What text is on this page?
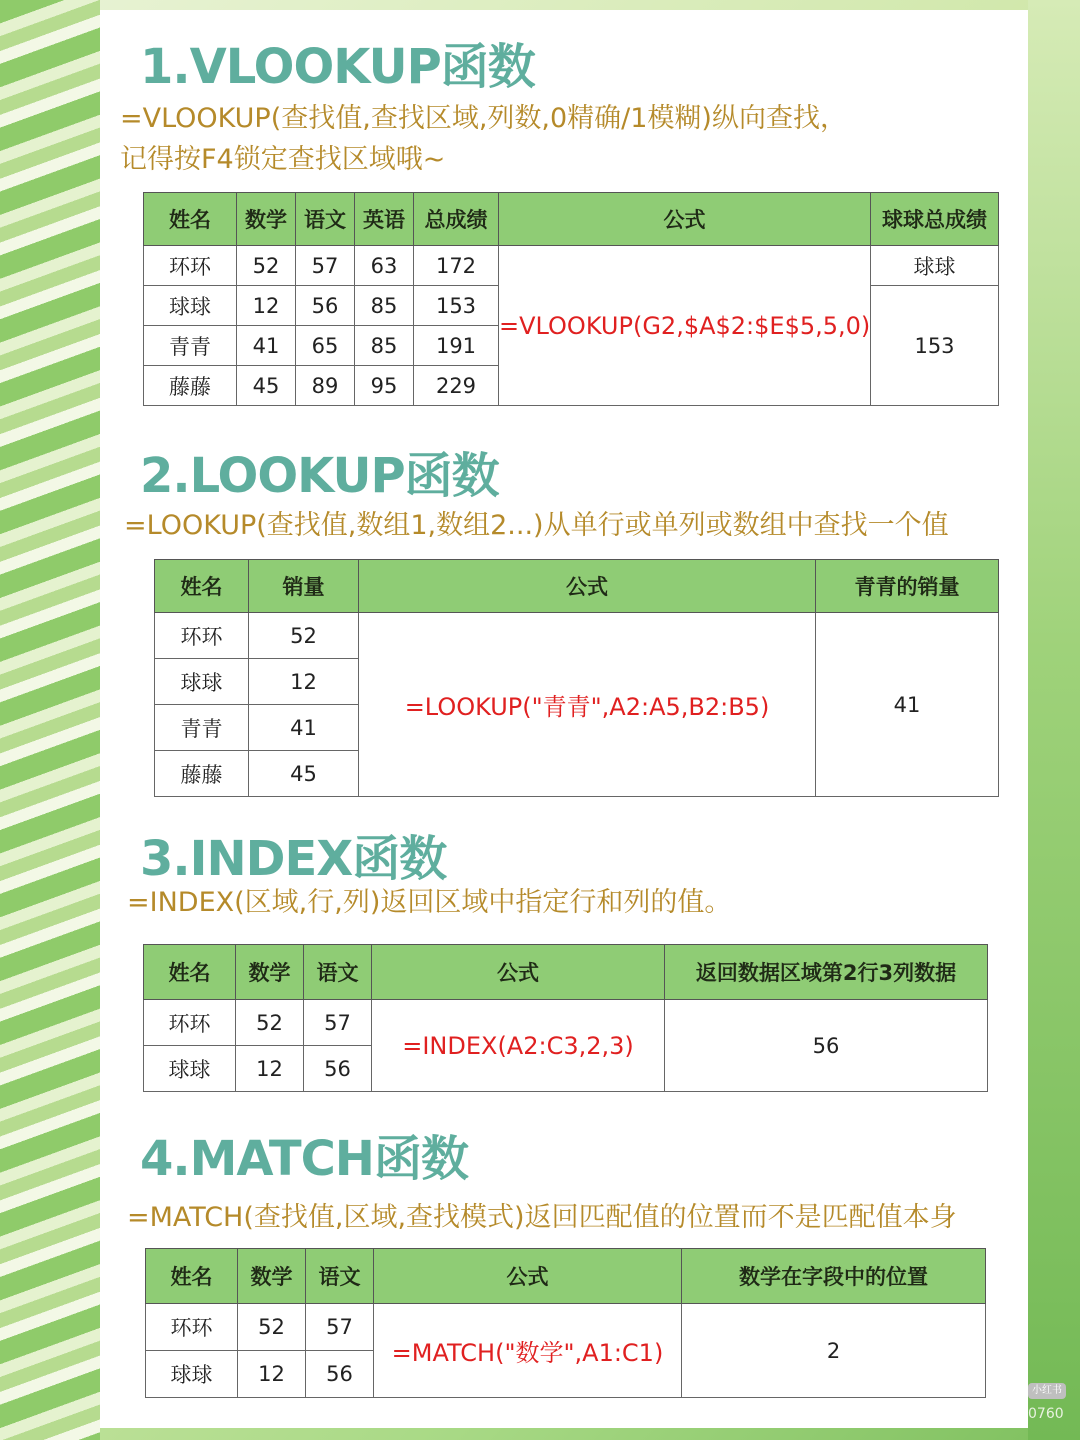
1.VLOOKUP函数

=VLOOKUP(查找值,查找区域,列数,0精确/1模糊)纵向查找，

记得按F4锁定查找区域哦~

姓名	数学	语文	英语	总成绩	公式	球球总成绩
环环	52	57	63	172	=VLOOKUP(G2,$A$2:$E$5,5,0)	球球
球球	12	56	85	153		153
青青	41	65	85	191		
藤藤	45	89	95	229		
2.LOOKUP函数

=LOOKUP(查找值,数组1,数组2...)从单行或单列或数组中查找一个值

姓名	销量	公式	青青的销量
环环	52	=LOOKUP("青青",A2:A5,B2:B5)	41
球球	12		
青青	41		
藤藤	45		
3.INDEX函数

=INDEX(区域,行,列)返回区域中指定行和列的值。

姓名	数学	语文	公式	返回数据区域第2行3列数据
环环	52	57	=INDEX(A2:C3,2,3)	56
球球	12	56		
4.MATCH函数

=MATCH(查找值,区域,查找模式)返回匹配值的位置而不是匹配值本身

姓名	数学	语文	公式	数学在字段中的位置
环环	52	57	=MATCH("数学",A1:C1)	2
球球	12	56		
小红书
0760
